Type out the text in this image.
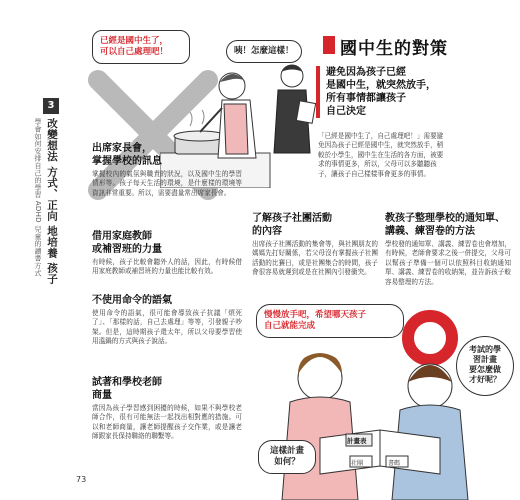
3
改變想法 方式、正向 地培養 孩子
學會如何安排自己的學習 ADHD 兒童的讀書方式
73
已經是國中生了，
可以自己處理吧！	咦！怎麼這樣！	國中生的對策
避免因為孩子已經
是國中生，就突然放手，
所有事情都讓孩子
自己決定
「已經是國中生了，自己處理吧！」需要避免因為孩子已經是國中生，就突然放手，稍較於小學生，國中生在生活的各方面，被要求的事情更多，所以，父母可以多聽聽孩子，讓孩子自己樣樣事會更多的事情。
出席家長會，
掌握學校的訊息
掌握校內的氣氛與職責的狀況，以及國中生的學習情形等。孩子每天生活的環境，是什麼樣的環境等資訊非常重要。所以，需要盡量常出席家長會。
借用家庭教師
或補習班的力量
有時候，孩子比較會聽外人的話，因此，有時候借用家庭教師或補習班的力量也能比較有效。
不使用命令的語氣
使用命令的語氣，很可能會導致孩子抗議「煩死了」、「那樣的話，自己去處理」等等，引發親子吵架。但是，這時期孩子還太年，所以父母要學習使用溫鍋的方式與孩子說話。
試著和學校老師
商量
當因為孩子學習感到困擾的時候，如果不與學校老師合作，很有可能無法一起找出相對應的措施。可以和老師商量，讓老師提醒孩子交作業，或是讓老師跟家長保持聯絡的聯繫等。
了解孩子社團活動
的內容
出席孩子社團活動的集會等，與社團朋友的媽媽先打好關係，若父母沒有掌握孩子社團活動的比賽日，或是社團集合的時間，孩子會很容易就遲到或是在社團內引發衝突。
教孩子整理學校的通知單、
講義、練習卷的方法
學校發的通知單、講義、練習卷也會增加，有時候，老師會要求之後一併提交，父母可以幫孩子準備一個可以依照科目收納通知單、講義、練習卷的收納架，並告訴孩子較容易整理的方法。
慢慢放手吧，希望哪天孩子
自己就能完成
計畫表
社團	書碼
考試的學
習計畫
要怎麼做
才好呢？
這樣計畫
如何？
